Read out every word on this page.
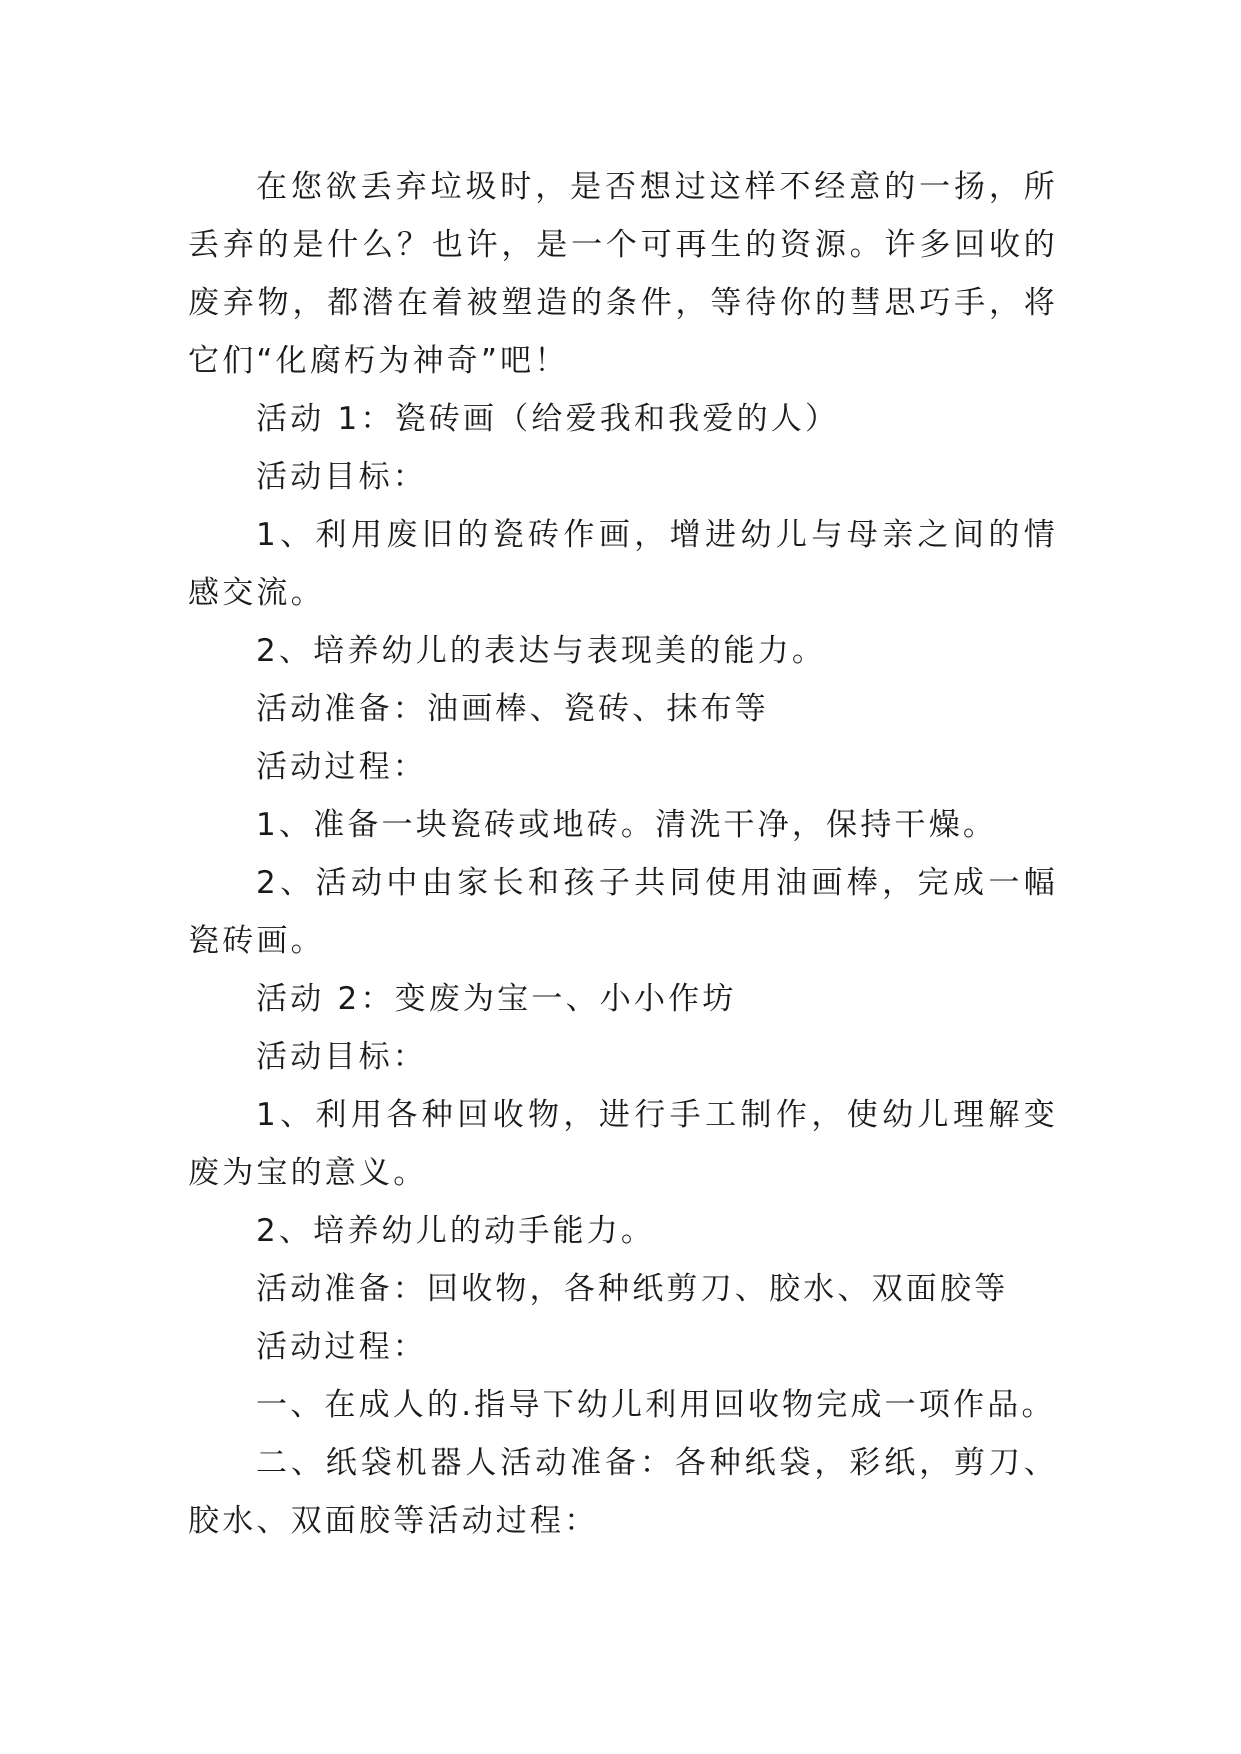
在您欲丢弃垃圾时，是否想过这样不经意的一扬，所丢弃的是什么？也许，是一个可再生的资源。许多回收的废弃物，都潜在着被塑造的条件，等待你的彗思巧手，将它们“化腐朽为神奇”吧！

活动 1：瓷砖画（给爱我和我爱的人）

活动目标：

1、利用废旧的瓷砖作画，增进幼儿与母亲之间的情感交流。

2、培养幼儿的表达与表现美的能力。

活动准备：油画棒、瓷砖、抹布等

活动过程：

1、准备一块瓷砖或地砖。清洗干净，保持干燥。

2、活动中由家长和孩子共同使用油画棒，完成一幅瓷砖画。

活动 2：变废为宝一、小小作坊

活动目标：

1、利用各种回收物，进行手工制作，使幼儿理解变废为宝的意义。

2、培养幼儿的动手能力。

活动准备：回收物，各种纸剪刀、胶水、双面胶等

活动过程：

一、在成人的.指导下幼儿利用回收物完成一项作品。

二、纸袋机器人活动准备：各种纸袋，彩纸，剪刀、胶水、双面胶等活动过程：
